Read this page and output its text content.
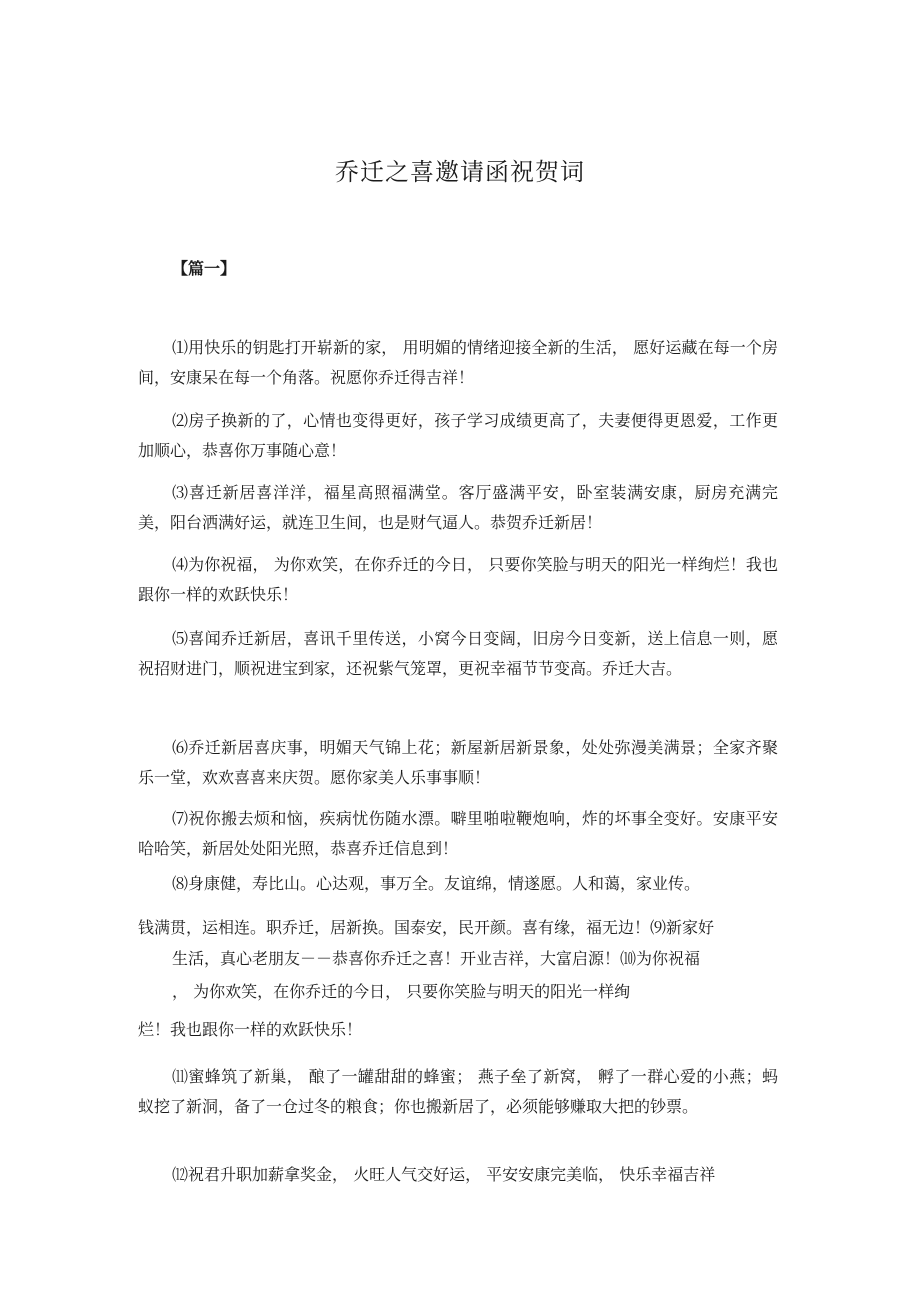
乔迁之喜邀请函祝贺词

【篇一】

⑴用快乐的钥匙打开崭新的家， 用明媚的情绪迎接全新的生活， 愿好运藏在每一个房间，安康呆在每一个角落。祝愿你乔迁得吉祥！

⑵房子换新的了，心情也变得更好，孩子学习成绩更高了，夫妻便得更恩爱，工作更加顺心，恭喜你万事随心意！

⑶喜迁新居喜洋洋，福星高照福满堂。客厅盛满平安，卧室装满安康，厨房充满完美，阳台洒满好运，就连卫生间，也是财气逼人。恭贺乔迁新居！

⑷为你祝福， 为你欢笑，在你乔迁的今日， 只要你笑脸与明天的阳光一样绚烂！我也跟你一样的欢跃快乐！

⑸喜闻乔迁新居，喜讯千里传送，小窝今日变阔，旧房今日变新，送上信息一则，愿祝招财进门，顺祝进宝到家，还祝紫气笼罩，更祝幸福节节变高。乔迁大吉。

⑹乔迁新居喜庆事，明媚天气锦上花；新屋新居新景象，处处弥漫美满景；全家齐聚乐一堂，欢欢喜喜来庆贺。愿你家美人乐事事顺！

⑺祝你搬去烦和恼，疾病忧伤随水漂。噼里啪啦鞭炮响，炸的坏事全变好。安康平安哈哈笑，新居处处阳光照，恭喜乔迁信息到！

⑻身康健，寿比山。心达观，事万全。友谊绵，情遂愿。人和蔼，家业传。

钱满贯，运相连。职乔迁，居新换。国泰安，民开颜。喜有缘，福无边！⑼新家好

生活，真心老朋友－－恭喜你乔迁之喜！开业吉祥，大富启源！⑽为你祝福

， 为你欢笑，在你乔迁的今日， 只要你笑脸与明天的阳光一样绚

烂！我也跟你一样的欢跃快乐！

⑾蜜蜂筑了新巢， 酿了一罐甜甜的蜂蜜； 燕子垒了新窝， 孵了一群心爱的小燕；蚂蚁挖了新洞，备了一仓过冬的粮食；你也搬新居了，必须能够赚取大把的钞票。

⑿祝君升职加薪拿奖金， 火旺人气交好运， 平安安康完美临， 快乐幸福吉祥
